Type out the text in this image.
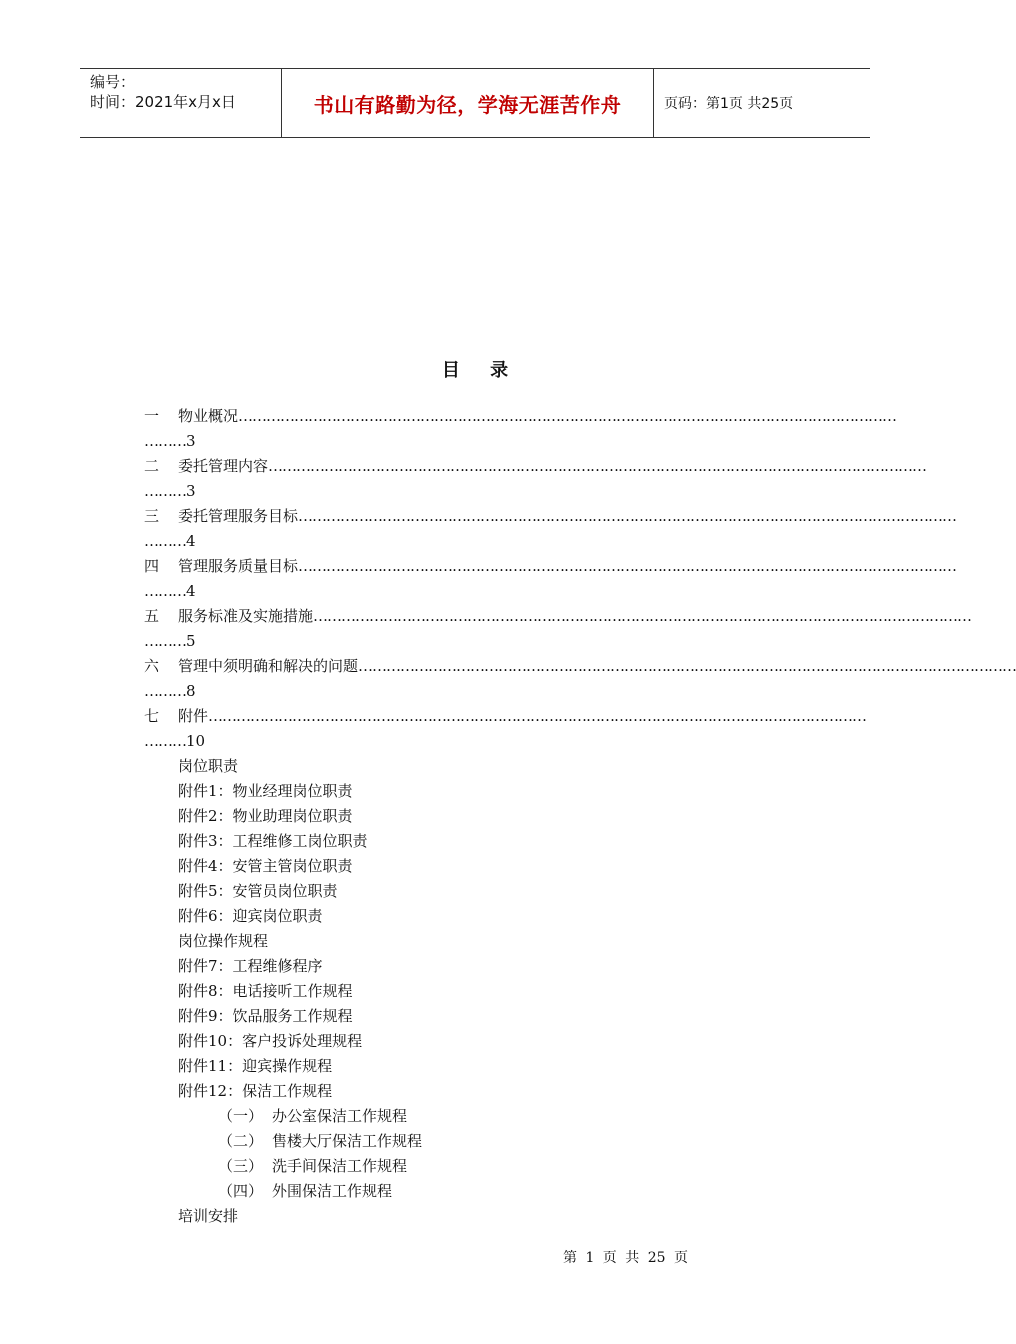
编号：
时间：2021年x月x日	书山有路勤为径，学海无涯苦作舟	页码：第1页 共25页
目 录
一 物业概况……………………………………………………………………………………………………………………………
………3
二 委托管理内容……………………………………………………………………………………………………………………………
………3
三 委托管理服务目标……………………………………………………………………………………………………………………………
………4
四 管理服务质量目标……………………………………………………………………………………………………………………………
………4
五 服务标准及实施措施……………………………………………………………………………………………………………………………
………5
六 管理中须明确和解决的问题……………………………………………………………………………………………………………………………
………8
七 附件……………………………………………………………………………………………………………………………
………10
岗位职责
附件1：物业经理岗位职责
附件2：物业助理岗位职责
附件3：工程维修工岗位职责
附件4：安管主管岗位职责
附件5：安管员岗位职责
附件6：迎宾岗位职责
岗位操作规程
附件7：工程维修程序
附件8：电话接听工作规程
附件9：饮品服务工作规程
附件10：客户投诉处理规程
附件11：迎宾操作规程
附件12：保洁工作规程
（一） 办公室保洁工作规程
（二） 售楼大厅保洁工作规程
（三） 洗手间保洁工作规程
（四） 外围保洁工作规程
培训安排
第 1 页 共 25 页
